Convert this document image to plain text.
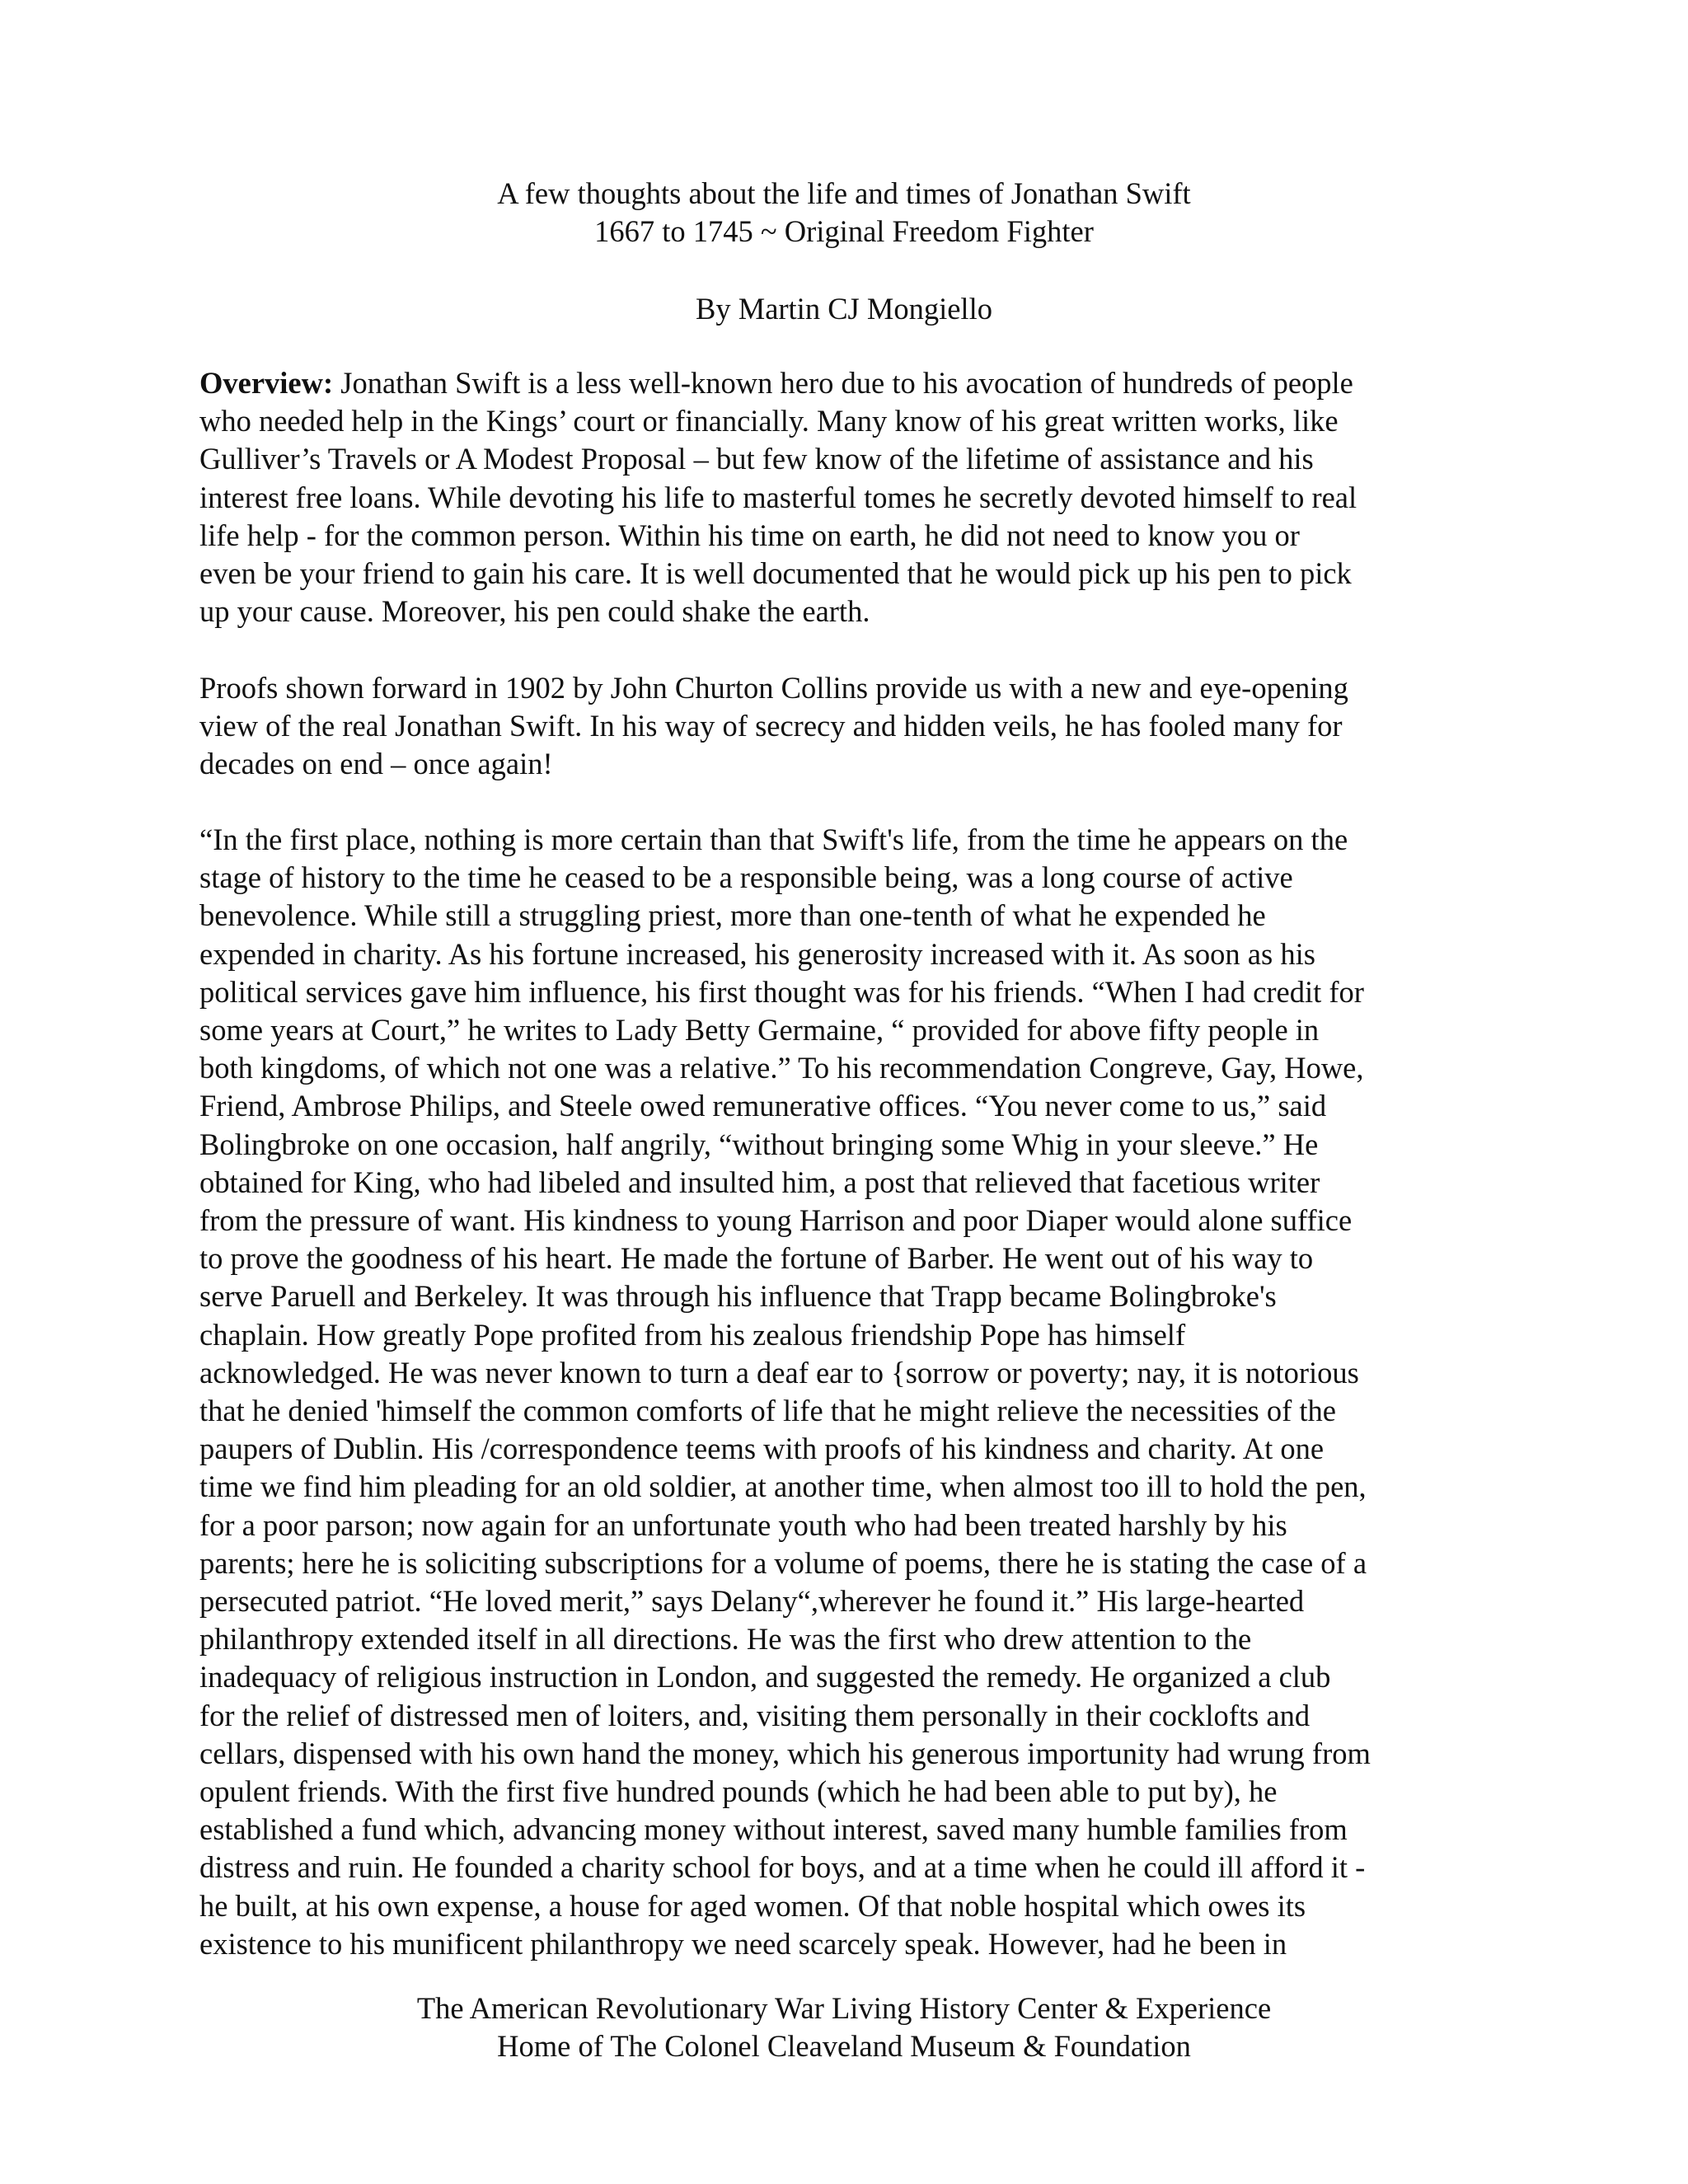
A few thoughts about the life and times of Jonathan Swift
1667 to 1745 ~ Original Freedom Fighter
By Martin CJ Mongiello
Overview: Jonathan Swift is a less well-known hero due to his avocation of hundreds of people
who needed help in the Kings’ court or financially. Many know of his great written works, like
Gulliver’s Travels or A Modest Proposal – but few know of the lifetime of assistance and his
interest free loans. While devoting his life to masterful tomes he secretly devoted himself to real
life help - for the common person. Within his time on earth, he did not need to know you or
even be your friend to gain his care. It is well documented that he would pick up his pen to pick
up your cause. Moreover, his pen could shake the earth.
Proofs shown forward in 1902 by John Churton Collins provide us with a new and eye-opening
view of the real Jonathan Swift. In his way of secrecy and hidden veils, he has fooled many for
decades on end – once again!
“In the first place, nothing is more certain than that Swift's life, from the time he appears on the
stage of history to the time he ceased to be a responsible being, was a long course of active
benevolence. While still a struggling priest, more than one-tenth of what he expended he
expended in charity. As his fortune increased, his generosity increased with it. As soon as his
political services gave him influence, his first thought was for his friends. “When I had credit for
some years at Court,” he writes to Lady Betty Germaine, “ provided for above fifty people in
both kingdoms, of which not one was a relative.” To his recommendation Congreve, Gay, Howe,
Friend, Ambrose Philips, and Steele owed remunerative offices. “You never come to us,” said
Bolingbroke on one occasion, half angrily, “without bringing some Whig in your sleeve.” He
obtained for King, who had libeled and insulted him, a post that relieved that facetious writer
from the pressure of want. His kindness to young Harrison and poor Diaper would alone suffice
to prove the goodness of his heart. He made the fortune of Barber. He went out of his way to
serve Paruell and Berkeley. It was through his influence that Trapp became Bolingbroke's
chaplain. How greatly Pope profited from his zealous friendship Pope has himself
acknowledged. He was never known to turn a deaf ear to {sorrow or poverty; nay, it is notorious
that he denied 'himself the common comforts of life that he might relieve the necessities of the
paupers of Dublin. His /correspondence teems with proofs of his kindness and charity. At one
time we find him pleading for an old soldier, at another time, when almost too ill to hold the pen,
for a poor parson; now again for an unfortunate youth who had been treated harshly by his
parents; here he is soliciting subscriptions for a volume of poems, there he is stating the case of a
persecuted patriot. “He loved merit,” says Delany“,wherever he found it.” His large-hearted
philanthropy extended itself in all directions. He was the first who drew attention to the
inadequacy of religious instruction in London, and suggested the remedy. He organized a club
for the relief of distressed men of loiters, and, visiting them personally in their cocklofts and
cellars, dispensed with his own hand the money, which his generous importunity had wrung from
opulent friends. With the first five hundred pounds (which he had been able to put by), he
established a fund which, advancing money without interest, saved many humble families from
distress and ruin. He founded a charity school for boys, and at a time when he could ill afford it -
he built, at his own expense, a house for aged women. Of that noble hospital which owes its
existence to his munificent philanthropy we need scarcely speak. However, had he been in
The American Revolutionary War Living History Center & Experience
Home of The Colonel Cleaveland Museum & Foundation
